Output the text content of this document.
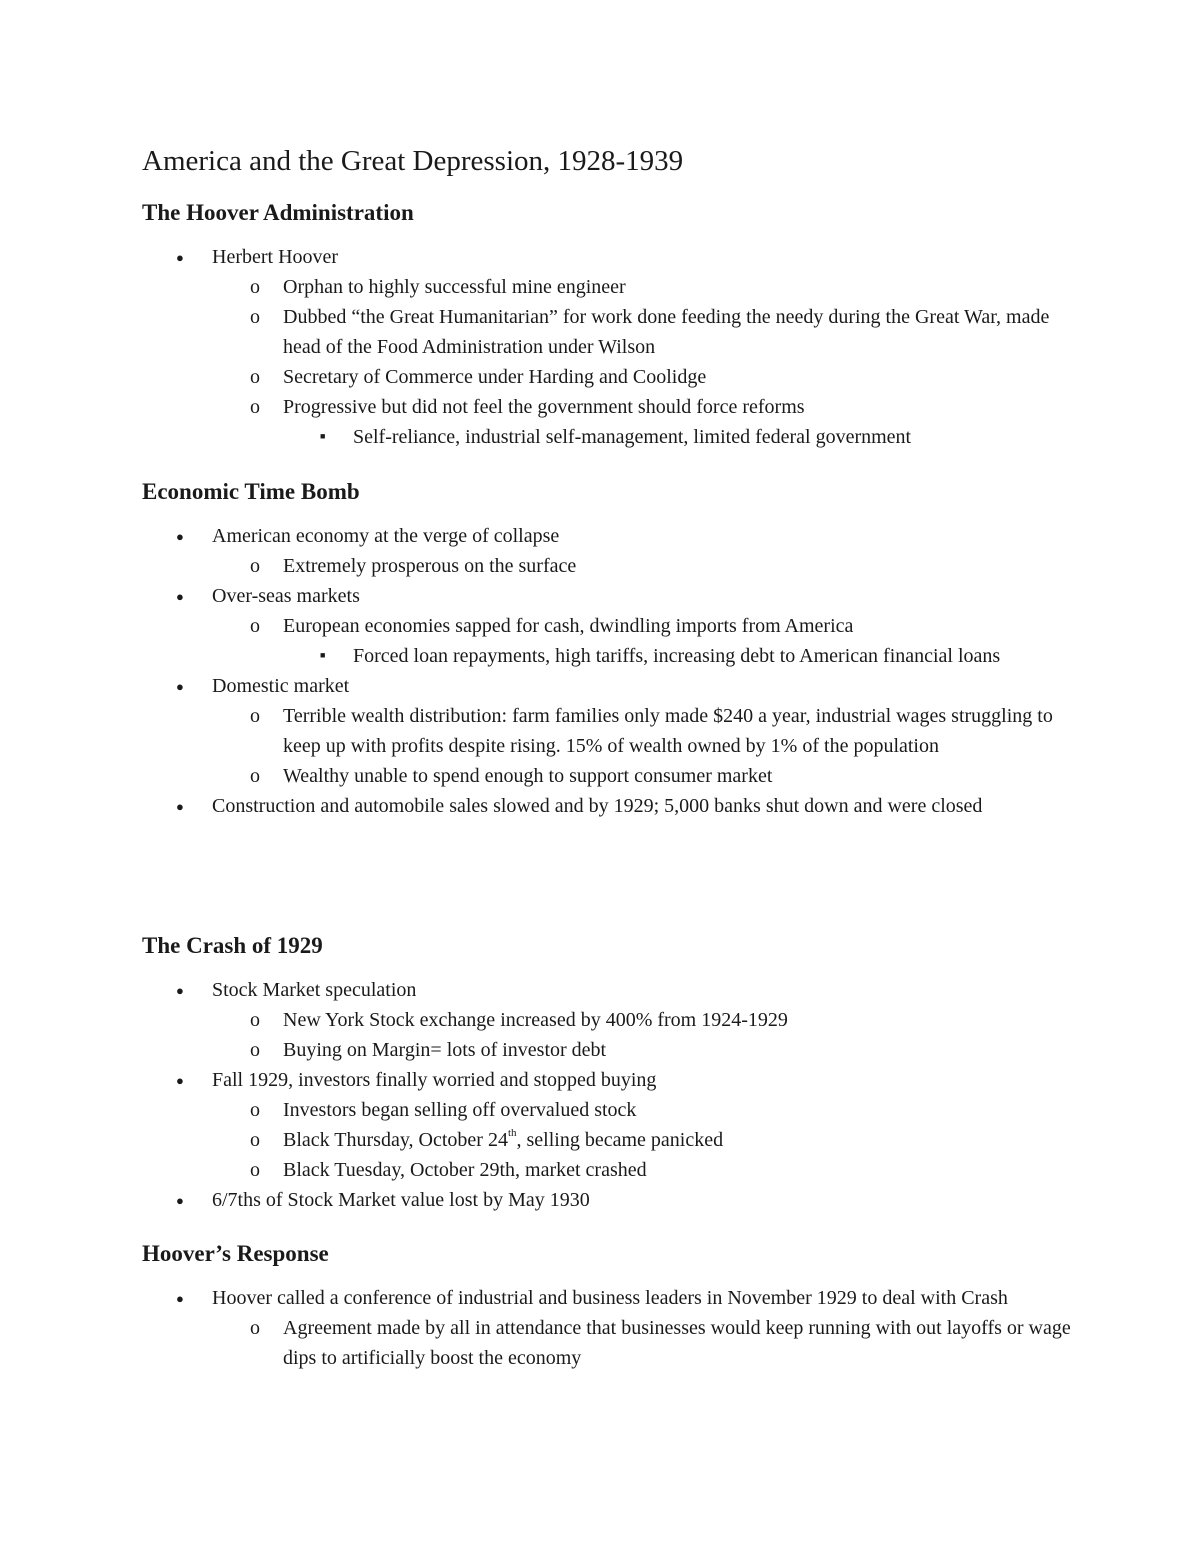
America and the Great Depression, 1928-1939
The Hoover Administration
●
Herbert Hoover
o
Orphan to highly successful mine engineer
o
Dubbed “the Great Humanitarian” for work done feeding the needy during the Great War, made head of the Food Administration under Wilson
o
Secretary of Commerce under Harding and Coolidge
o
Progressive but did not feel the government should force reforms
■
Self-reliance, industrial self-management, limited federal government
Economic Time Bomb
●
American economy at the verge of collapse
o
Extremely prosperous on the surface
●
Over-seas markets
o
European economies sapped for cash, dwindling imports from America
■
Forced loan repayments, high tariffs, increasing debt to American financial loans
●
Domestic market
o
Terrible wealth distribution: farm families only made $240 a year, industrial wages struggling to keep up with profits despite rising. 15% of wealth owned by 1% of the population
o
Wealthy unable to spend enough to support consumer market
●
Construction and automobile sales slowed and by 1929; 5,000 banks shut down and were closed
The Crash of 1929
●
Stock Market speculation
o
New York Stock exchange increased by 400% from 1924-1929
o
Buying on Margin= lots of investor debt
●
Fall 1929, investors finally worried and stopped buying
o
Investors began selling off overvalued stock
o
Black Thursday, October 24th, selling became panicked
o
Black Tuesday, October 29th, market crashed
●
6/7ths of Stock Market value lost by May 1930
Hoover’s Response
●
Hoover called a conference of industrial and business leaders in November 1929 to deal with Crash
o
Agreement made by all in attendance that businesses would keep running with out layoffs or wage dips to artificially boost the economy
